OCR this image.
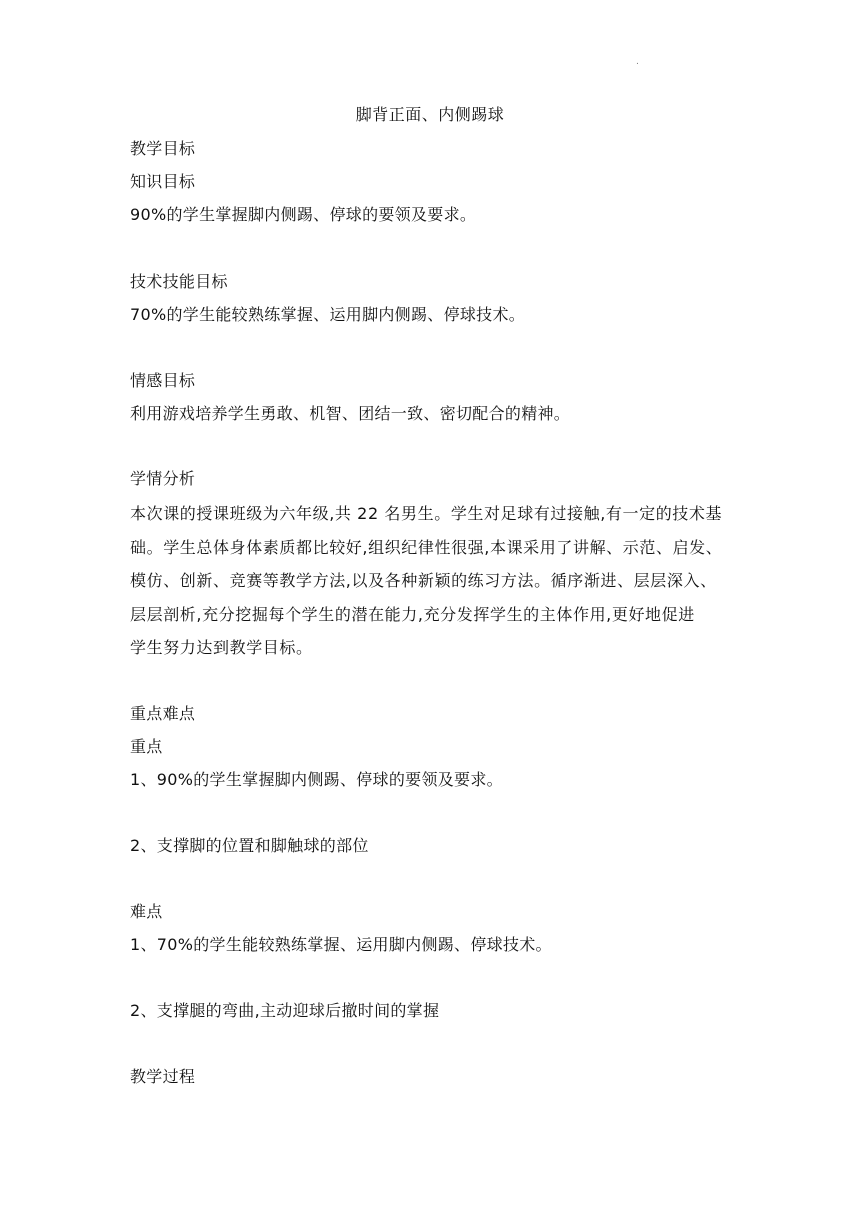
.
脚背正面、内侧踢球
教学目标
知识目标
90%的学生掌握脚内侧踢、停球的要领及要求。
技术技能目标
70%的学生能较熟练掌握、运用脚内侧踢、停球技术。
情感目标
利用游戏培养学生勇敢、机智、团结一致、密切配合的精神。
学情分析
本次课的授课班级为六年级,共 22 名男生。学生对足球有过接触,有一定的技术基
础。学生总体身体素质都比较好,组织纪律性很强,本课采用了讲解、示范、启发、
模仿、创新、竞赛等教学方法,以及各种新颖的练习方法。循序渐进、层层深入、
层层剖析,充分挖掘每个学生的潜在能力,充分发挥学生的主体作用,更好地促进
学生努力达到教学目标。
重点难点
重点
1、90%的学生掌握脚内侧踢、停球的要领及要求。
2、支撑脚的位置和脚触球的部位
难点
1、70%的学生能较熟练掌握、运用脚内侧踢、停球技术。
2、支撑腿的弯曲,主动迎球后撤时间的掌握
教学过程
